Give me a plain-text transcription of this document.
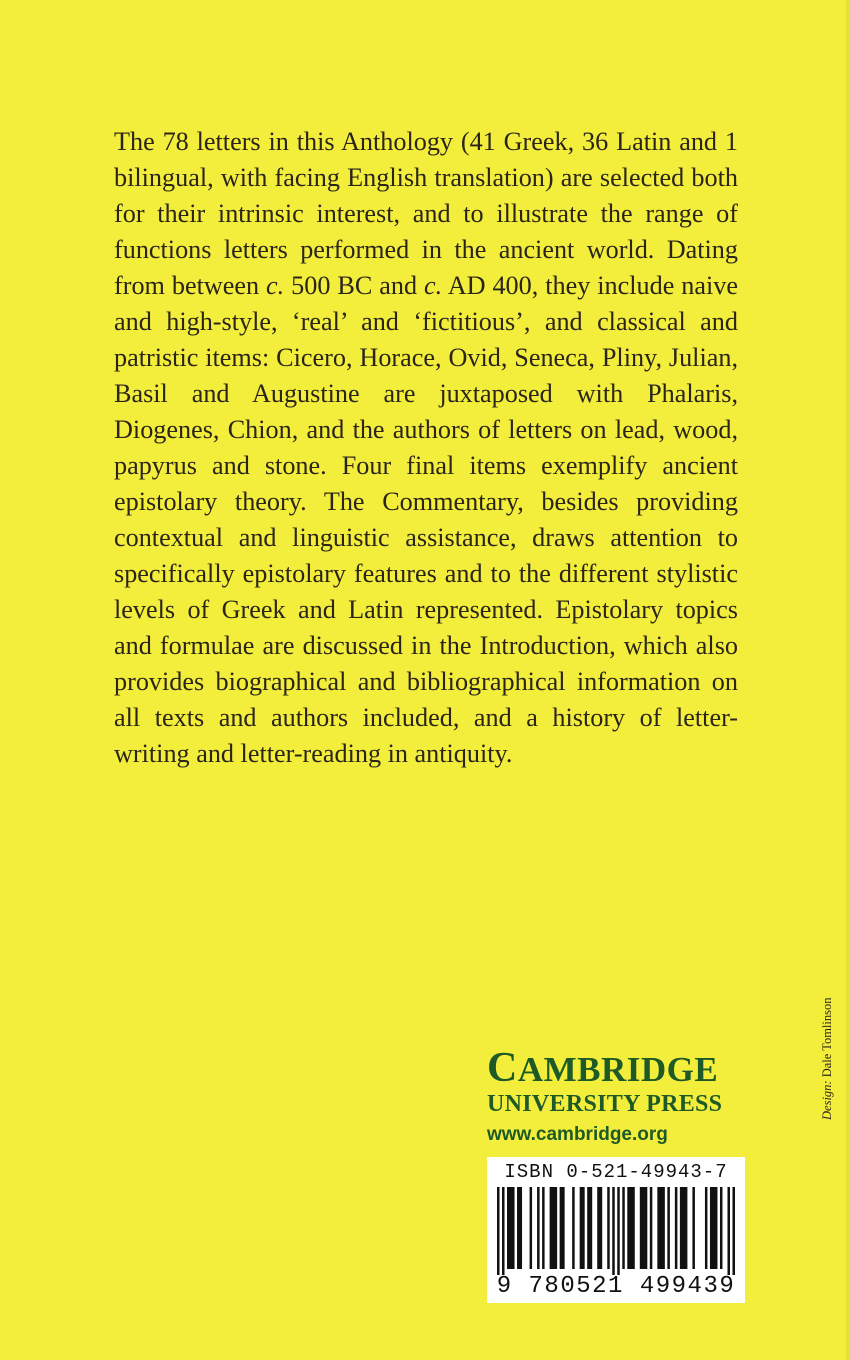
The 78 letters in this Anthology (41 Greek, 36 Latin and 1 bilingual, with facing English translation) are selected both for their intrinsic interest, and to illustrate the range of functions letters performed in the ancient world. Dating from between c. 500 BC and c. AD 400, they include naive and high-style, ‘real’ and ‘fictitious’, and classical and patristic items: Cicero, Horace, Ovid, Seneca, Pliny, Julian, Basil and Augustine are juxtaposed with Phalaris, Diogenes, Chion, and the authors of letters on lead, wood, papyrus and stone. Four final items exemplify ancient epistolary theory. The Commentary, besides providing contextual and linguistic assistance, draws attention to specifically epistolary features and to the different stylistic levels of Greek and Latin represented. Epistolary topics and formulae are discussed in the Introduction, which also provides biographical and bibliographical information on all texts and authors included, and a history of letter-writing and letter-reading in antiquity.

CAMBRIDGE
UNIVERSITY PRESS
www.cambridge.org
Design: Dale Tomlinson
ISBN 0-521-49943-7
9 780521 499439
